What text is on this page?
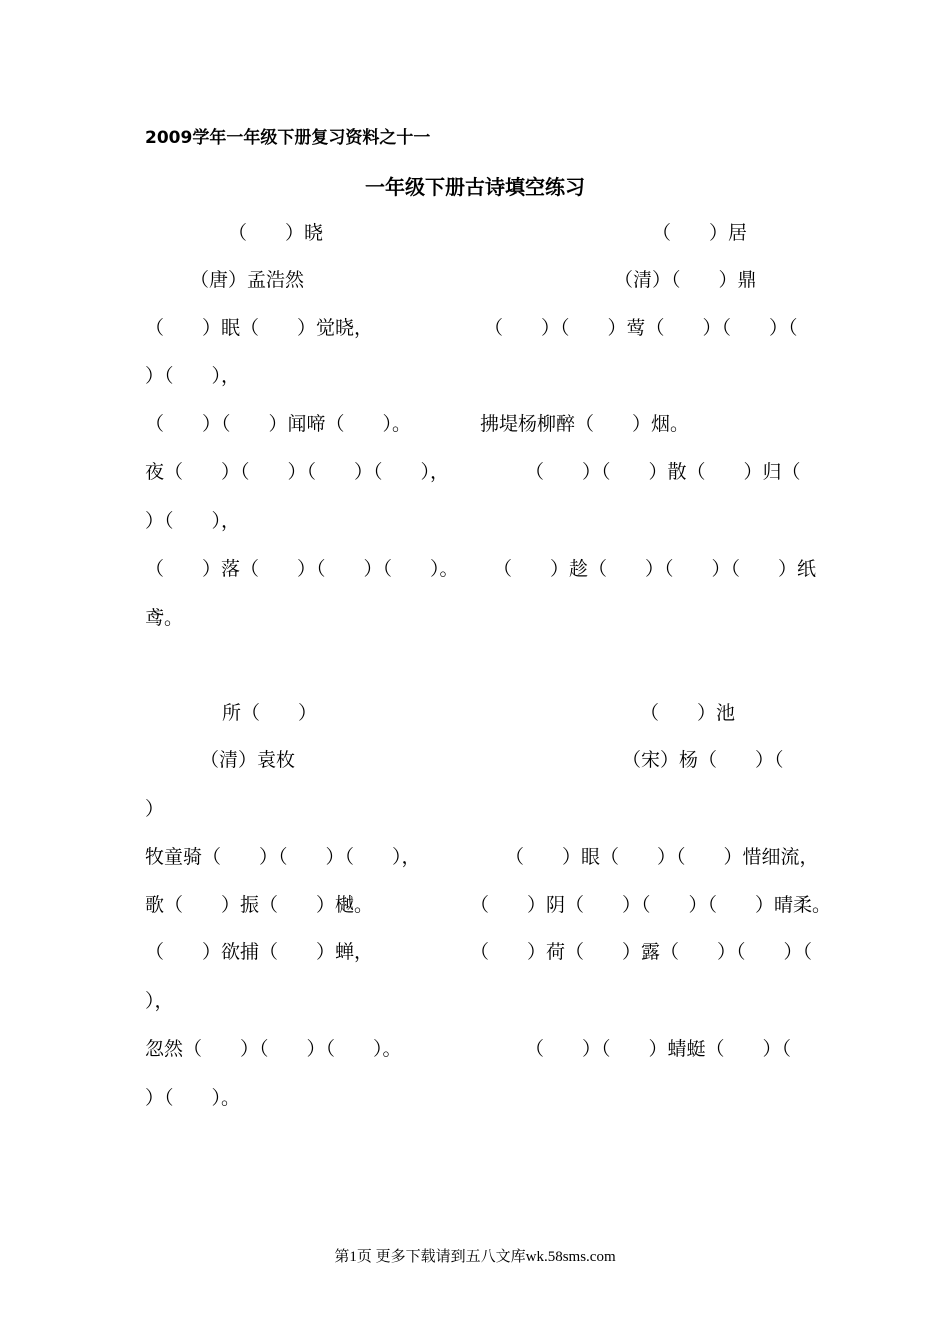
2009学年一年级下册复习资料之十一
一年级下册古诗填空练习
（　　）晓
（唐）孟浩然
（　　）眠（　　）觉晓，
（　　）（　　）闻啼（　　）。
夜（　　）（　　）（　　）（　　），
（　　）落（　　）（　　）（　　）。
（　　）居
（清）（　　）鼎
（　　）（　　）莺（　　）（　　）（
）（　　），
拂堤杨柳醉（　　）烟。
（　　）（　　）散（　　）归（
）（　　），
（　　）趁（　　）（　　）（　　）纸
鸢。
所（　　）
（清）袁枚
牧童骑（　　）（　　）（　　），
歌（　　）振（　　）樾。
（　　）欲捕（　　）蝉，
忽然（　　）（　　）（　　）。
（　　）池
（宋）杨（　　）（
）
（　　）眼（　　）（　　）惜细流，
（　　）阴（　　）（　　）（　　）晴柔。
（　　）荷（　　）露（　　）（　　）（
），
（　　）（　　）蜻蜓（　　）（
）（　　）。
第1页 更多下载请到五八文库wk.58sms.com
